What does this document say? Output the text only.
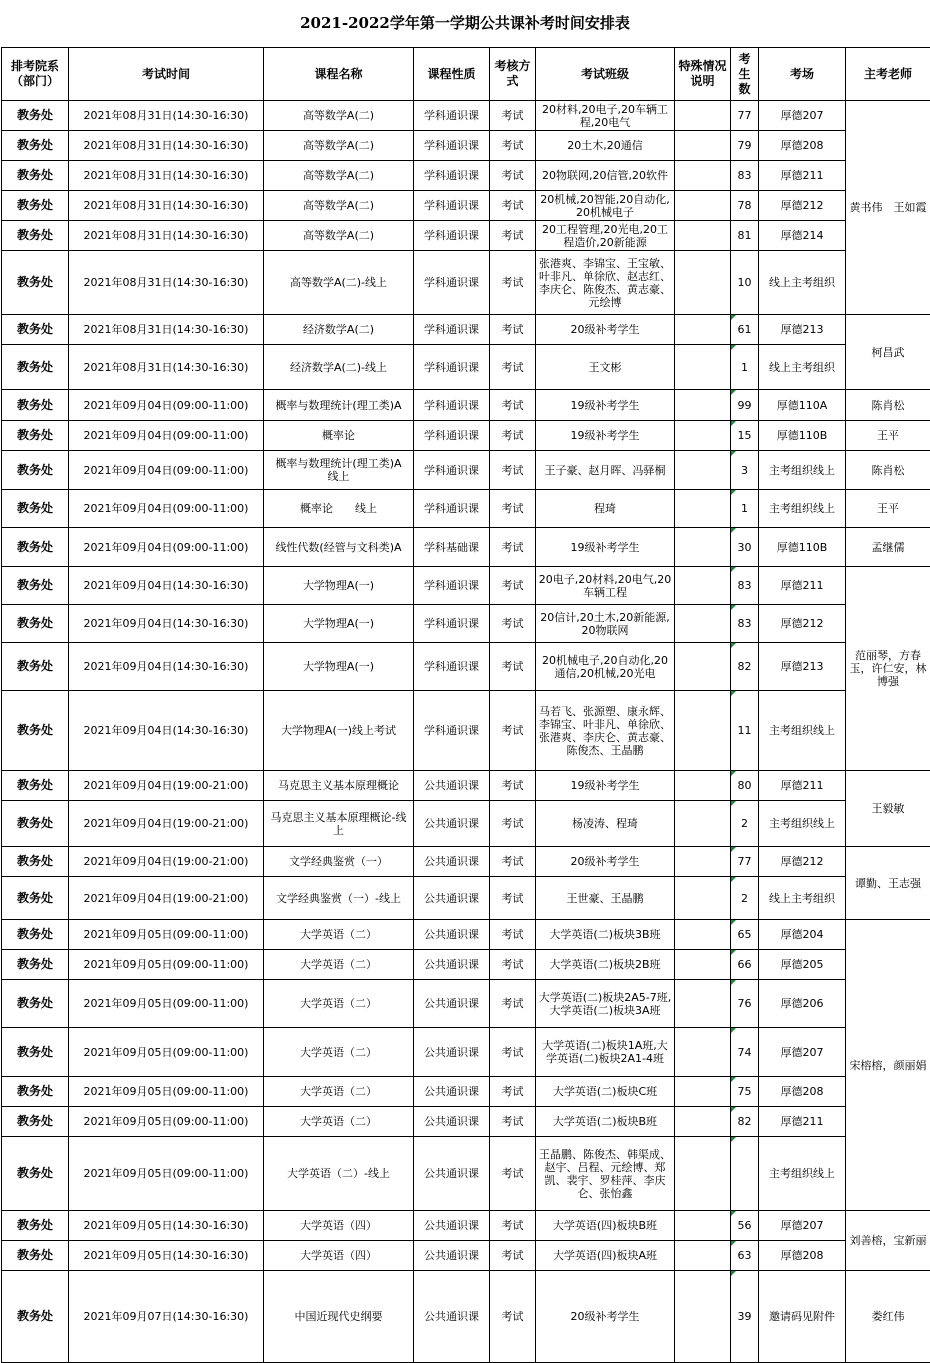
2021-2022学年第一学期公共课补考时间安排表
排考院系（部门）	考试时间	课程名称	课程性质	考核方式	考试班级	特殊情况说明	考生数	考场	主考老师
教务处	2021年08月31日(14:30-16:30)	高等数学A(二)	学科通识课	考试	20材料,20电子,20车辆工程,20电气		77	厚德207	黄书伟　王如霞
教务处	2021年08月31日(14:30-16:30)	高等数学A(二)	学科通识课	考试	20土木,20通信		79	厚德208	
教务处	2021年08月31日(14:30-16:30)	高等数学A(二)	学科通识课	考试	20物联网,20信管,20软件		83	厚德211	
教务处	2021年08月31日(14:30-16:30)	高等数学A(二)	学科通识课	考试	20机械,20智能,20自动化,20机械电子		78	厚德212	
教务处	2021年08月31日(14:30-16:30)	高等数学A(二)	学科通识课	考试	20工程管理,20光电,20工程造价,20新能源		81	厚德214	
教务处	2021年08月31日(14:30-16:30)	高等数学A(二)-线上	学科通识课	考试	张港爽、李锦宝、王宝敏、叶非凡、单徐欣、赵志红、李庆仑、陈俊杰、黄志豪、元绘博		10	线上主考组织	
教务处	2021年08月31日(14:30-16:30)	经济数学A(二)	学科通识课	考试	20级补考学生		61	厚德213	柯昌武
教务处	2021年08月31日(14:30-16:30)	经济数学A(二)-线上	学科通识课	考试	王文彬		1	线上主考组织	
教务处	2021年09月04日(09:00-11:00)	概率与数理统计(理工类)A	学科通识课	考试	19级补考学生		99	厚德110A	陈肖松
教务处	2021年09月04日(09:00-11:00)	概率论	学科通识课	考试	19级补考学生		15	厚德110B	王平
教务处	2021年09月04日(09:00-11:00)	概率与数理统计(理工类)A　线上	学科通识课	考试	王子豪、赵月晖、冯驿桐		3	主考组织线上	陈肖松
教务处	2021年09月04日(09:00-11:00)	概率论　　线上	学科通识课	考试	程琦		1	主考组织线上	王平
教务处	2021年09月04日(09:00-11:00)	线性代数(经管与文科类)A	学科基础课	考试	19级补考学生		30	厚德110B	孟继儒
教务处	2021年09月04日(14:30-16:30)	大学物理A(一)	学科通识课	考试	20电子,20材料,20电气,20车辆工程		83	厚德211	范丽琴，方春玉，许仁安，林博强
教务处	2021年09月04日(14:30-16:30)	大学物理A(一)	学科通识课	考试	20信计,20土木,20新能源,20物联网		83	厚德212	
教务处	2021年09月04日(14:30-16:30)	大学物理A(一)	学科通识课	考试	20机械电子,20自动化,20通信,20机械,20光电		82	厚德213	
教务处	2021年09月04日(14:30-16:30)	大学物理A(一)线上考试	学科通识课	考试	马若飞、张源塑、康永辉、李锦宝、叶非凡、单徐欣、张港爽、李庆仑、黄志豪、陈俊杰、王晶鹏		11	主考组织线上	
教务处	2021年09月04日(19:00-21:00)	马克思主义基本原理概论	公共通识课	考试	19级补考学生		80	厚德211	王毅敏
教务处	2021年09月04日(19:00-21:00)	马克思主义基本原理概论-线上	公共通识课	考试	杨凌涛、程琦		2	主考组织线上	
教务处	2021年09月04日(19:00-21:00)	文学经典鉴赏（一）	公共通识课	考试	20级补考学生		77	厚德212	谭勤、王志强
教务处	2021年09月04日(19:00-21:00)	文学经典鉴赏（一）-线上	公共通识课	考试	王世豪、王晶鹏		2	线上主考组织	
教务处	2021年09月05日(09:00-11:00)	大学英语（二）	公共通识课	考试	大学英语(二)板块3B班		65	厚德204	宋榕榕，颜丽娟
教务处	2021年09月05日(09:00-11:00)	大学英语（二）	公共通识课	考试	大学英语(二)板块2B班		66	厚德205	
教务处	2021年09月05日(09:00-11:00)	大学英语（二）	公共通识课	考试	大学英语(二)板块2A5-7班,大学英语(二)板块3A班		76	厚德206	
教务处	2021年09月05日(09:00-11:00)	大学英语（二）	公共通识课	考试	大学英语(二)板块1A班,大学英语(二)板块2A1-4班		74	厚德207	
教务处	2021年09月05日(09:00-11:00)	大学英语（二）	公共通识课	考试	大学英语(二)板块C班		75	厚德208	
教务处	2021年09月05日(09:00-11:00)	大学英语（二）	公共通识课	考试	大学英语(二)板块B班		82	厚德211	
教务处	2021年09月05日(09:00-11:00)	大学英语（二）-线上	公共通识课	考试	王晶鹏、陈俊杰、韩渠成、赵宇、吕程、元绘博、郑凯、裴宇、罗桂萍、李庆仑、张怡鑫			主考组织线上	
教务处	2021年09月05日(14:30-16:30)	大学英语（四）	公共通识课	考试	大学英语(四)板块B班		56	厚德207	刘善榕，宝新丽
教务处	2021年09月05日(14:30-16:30)	大学英语（四）	公共通识课	考试	大学英语(四)板块A班		63	厚德208	
教务处	2021年09月07日(14:30-16:30)	中国近现代史纲要	公共通识课	考试	20级补考学生		39	邀请码见附件	娄红伟
